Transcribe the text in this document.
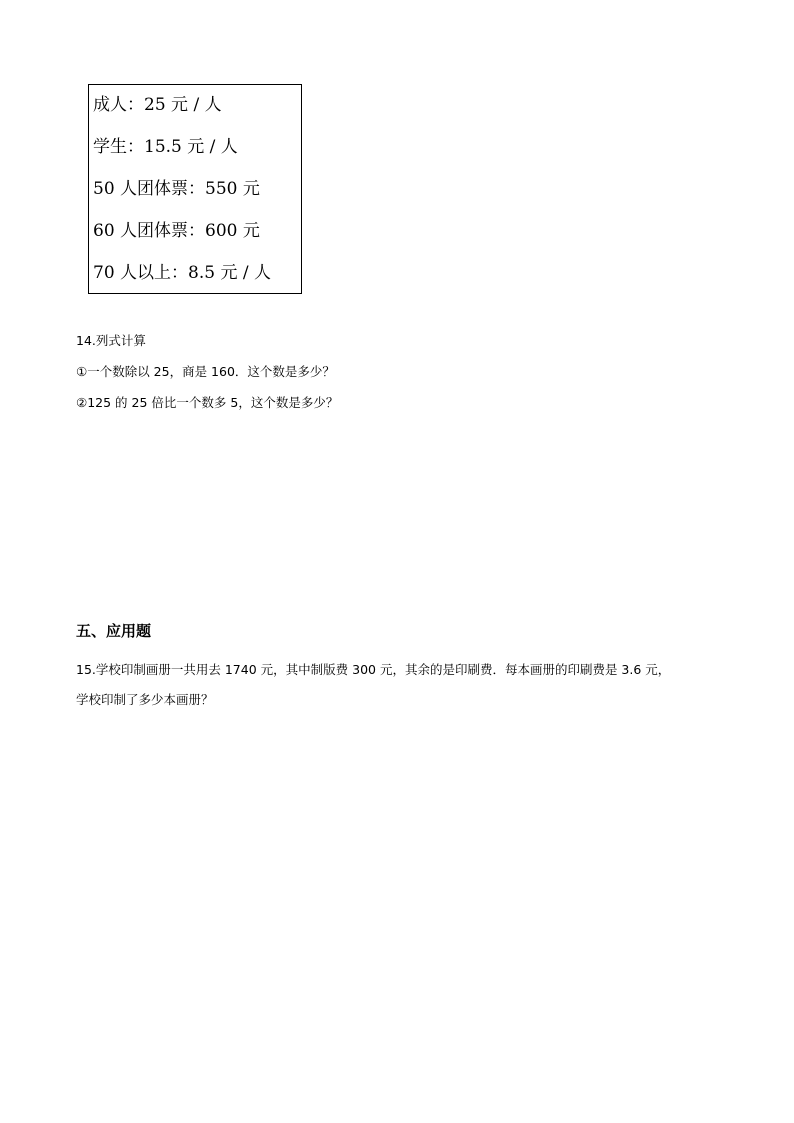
成人：25 元 / 人
学生：15.5 元 / 人
50 人团体票：550 元
60 人团体票：600 元
70 人以上：8.5 元 / 人
14.列式计算
①一个数除以 25，商是 160．这个数是多少？
②125 的 25 倍比一个数多 5，这个数是多少？
五、应用题
15.学校印制画册一共用去 1740 元，其中制版费 300 元，其余的是印刷费．每本画册的印刷费是 3.6 元，
学校印制了多少本画册？
